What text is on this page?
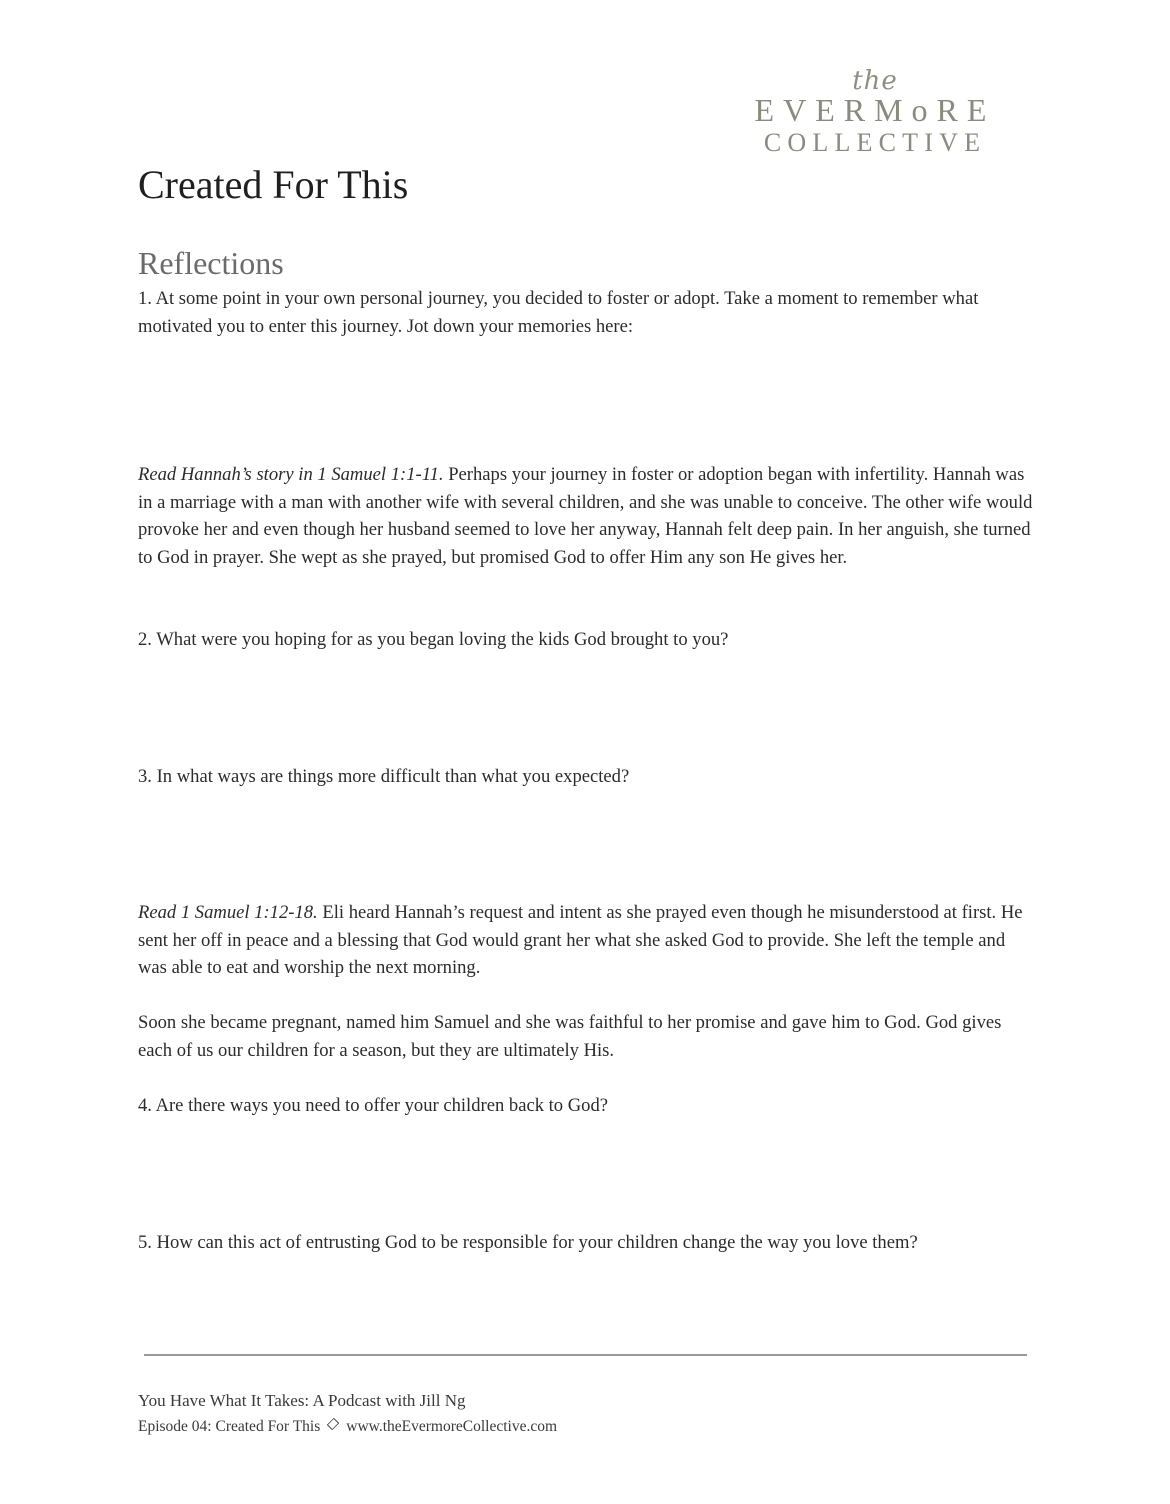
the
EVERMoRE
COLLECTIVE
Created For This
Reflections

1. At some point in your own personal journey, you decided to foster or adopt. Take a moment to remember what motivated you to enter this journey. Jot down your memories here:

Read Hannah’s story in 1 Samuel 1:1-11. Perhaps your journey in foster or adoption began with infertility. Hannah was in a marriage with a man with another wife with several children, and she was unable to conceive. The other wife would provoke her and even though her husband seemed to love her anyway, Hannah felt deep pain. In her anguish, she turned to God in prayer. She wept as she prayed, but promised God to offer Him any son He gives her.

2. What were you hoping for as you began loving the kids God brought to you?

3. In what ways are things more difficult than what you expected?

Read 1 Samuel 1:12-18. Eli heard Hannah’s request and intent as she prayed even though he misunderstood at first. He sent her off in peace and a blessing that God would grant her what she asked God to provide. She left the temple and was able to eat and worship the next morning.

Soon she became pregnant, named him Samuel and she was faithful to her promise and gave him to God. God gives each of us our children for a season, but they are ultimately His.

4. Are there ways you need to offer your children back to God?

5. How can this act of entrusting God to be responsible for your children change the way you love them?

You Have What It Takes: A Podcast with Jill Ng
Episode 04: Created For This www.theEvermoreCollective.com
